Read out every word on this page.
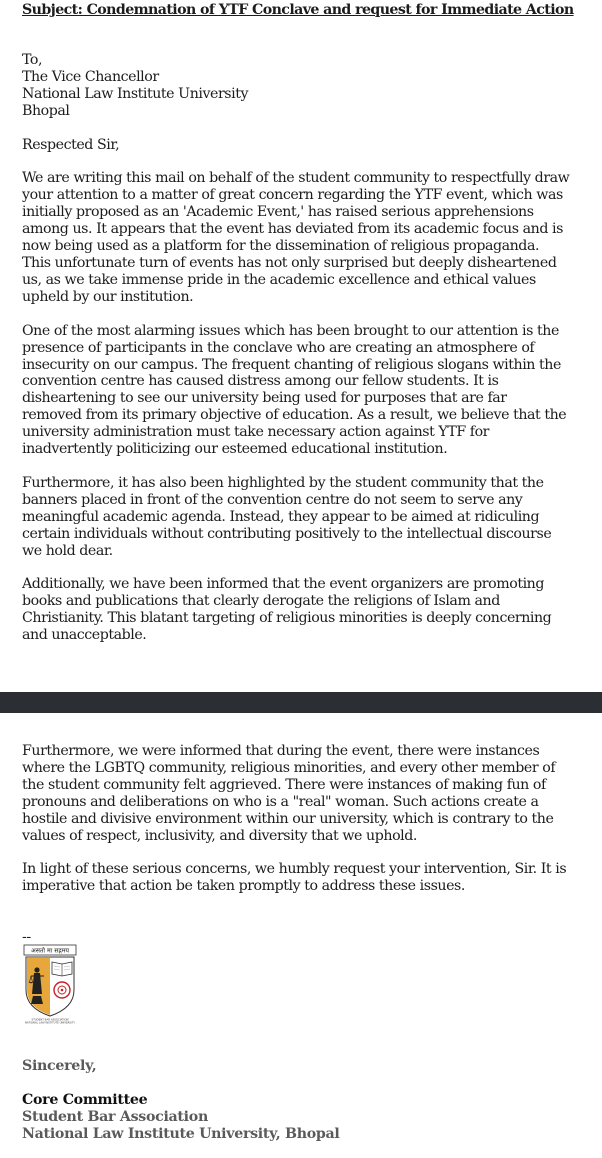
Subject: Condemnation of YTF Conclave and request for Immediate Action

To,
The Vice Chancellor
National Law Institute University
Bhopal
Respected Sir,

We are writing this mail on behalf of the student community to respectfully draw your attention to a matter of great concern regarding the YTF event, which was initially proposed as an 'Academic Event,' has raised serious apprehensions among us. It appears that the event has deviated from its academic focus and is now being used as a platform for the dissemination of religious propaganda. This unfortunate turn of events has not only surprised but deeply disheartened us, as we take immense pride in the academic excellence and ethical values upheld by our institution.

One of the most alarming issues which has been brought to our attention is the presence of participants in the conclave who are creating an atmosphere of insecurity on our campus. The frequent chanting of religious slogans within the convention centre has caused distress among our fellow students. It is disheartening to see our university being used for purposes that are far removed from its primary objective of education. As a result, we believe that the university administration must take necessary action against YTF for inadvertently politicizing our esteemed educational institution.

Furthermore, it has also been highlighted by the student community that the banners placed in front of the convention centre do not seem to serve any meaningful academic agenda. Instead, they appear to be aimed at ridiculing certain individuals without contributing positively to the intellectual discourse we hold dear.

Additionally, we have been informed that the event organizers are promoting books and publications that clearly derogate the religions of Islam and Christianity. This blatant targeting of religious minorities is deeply concerning and unacceptable.

Furthermore, we were informed that during the event, there were instances where the LGBTQ community, religious minorities, and every other member of the student community felt aggrieved. There were instances of making fun of pronouns and deliberations on who is a "real" woman. Such actions create a hostile and divisive environment within our university, which is contrary to the values of respect, inclusivity, and diversity that we uphold.

In light of these serious concerns, we humbly request your intervention, Sir. It is imperative that action be taken promptly to address these issues.

--
असतो मा सद्गमय
STUDENT BAR ASSOCIATION
NATIONAL LAW INSTITUTE UNIVERSITY
Sincerely,
Core Committee
Student Bar Association
National Law Institute University, Bhopal
